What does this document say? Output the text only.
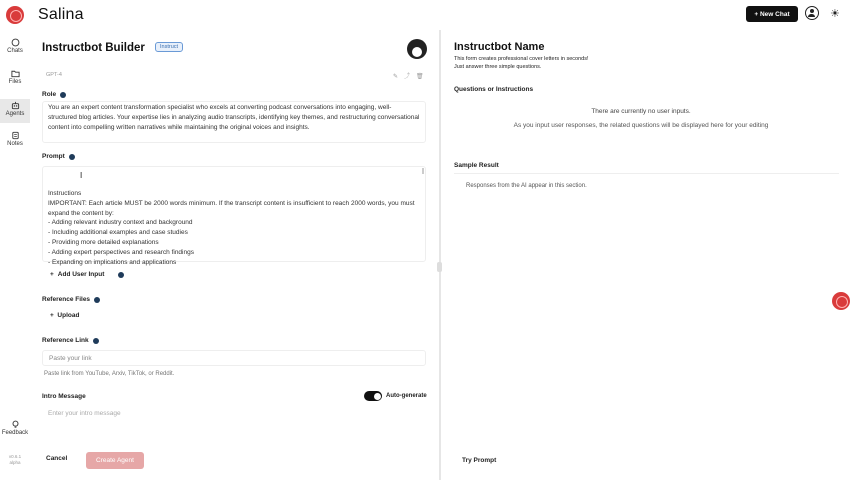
Salina	+ New Chat	☀
Chats
Files
Agents
Notes
Feedback
v0.6.1
alpha
Instructbot Builder	Instruct
GPT-4	✎⤴🗑
Role
You are an expert content transformation specialist who excels at converting podcast conversations into engaging, well-structured blog articles. Your expertise lies in analyzing audio transcripts, identifying key themes, and restructuring conversational content into compelling written narratives while maintaining the original voices and insights.
Prompt
Instructions
IMPORTANT: Each article MUST be 2000 words minimum. If the transcript content is insufficient to reach 2000 words, you must expand the content by:
- Adding relevant industry context and background
- Including additional examples and case studies
- Providing more detailed explanations
- Adding expert perspectives and research findings
- Expanding on implications and applications
+ Add User Input
Reference Files
+ Upload
Reference Link
Paste your link
Paste link from YouTube, Arxiv, TikTok, or Reddit.
Intro Message	Auto-generate
Enter your intro message
Cancel	Create Agent
Instructbot Name
This form creates professional cover letters in seconds!
Just answer three simple questions.
Questions or Instructions
There are currently no user inputs.
As you input user responses, the related questions will be displayed here for your editing
Sample Result
Responses from the AI appear in this section.
Try Prompt
I
